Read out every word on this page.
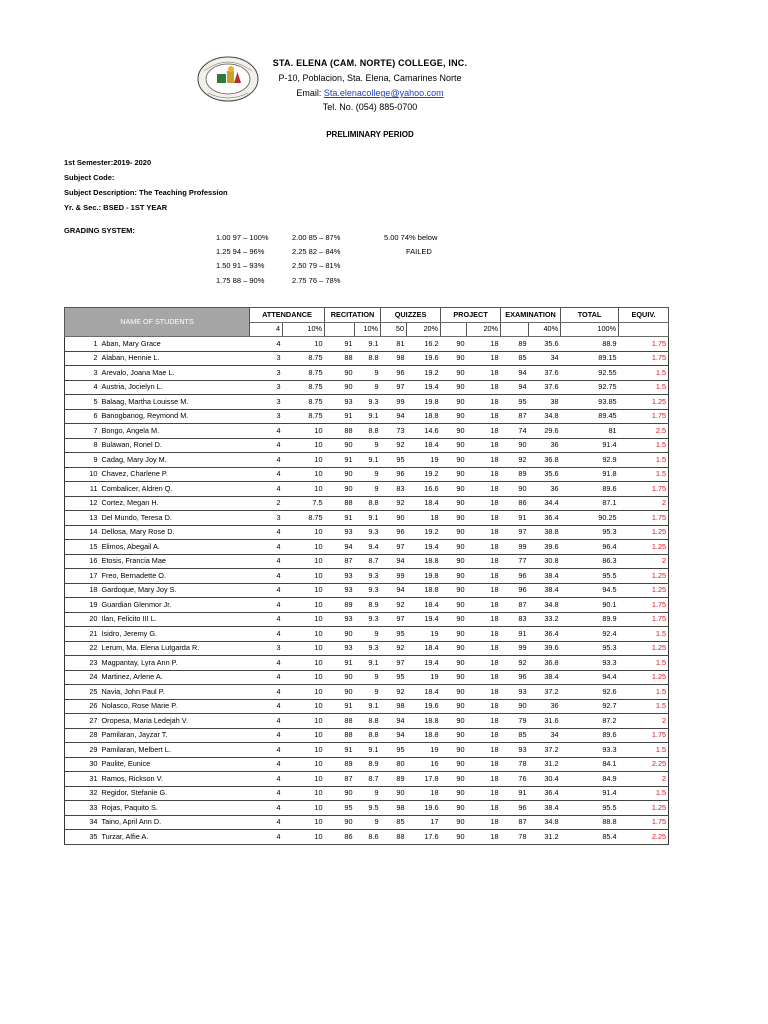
STA. ELENA (CAM. NORTE) COLLEGE, INC.
P-10, Poblacion, Sta. Elena, Camarines Norte
Email: Sta.elenacollege@yahoo.com
Tel. No. (054) 885-0700
PRELIMINARY PERIOD
1st Semester:2019- 2020
Subject Code:
Subject Description: The Teaching Profession
Yr. & Sec.: BSED - 1ST YEAR
GRADING SYSTEM:
1.00 97 – 100%
1.25 94 – 96%
1.50 91 – 93%
1.75 88 – 90%
2.00 85 – 87%
2.25 82 – 84%
2.50 79 – 81%
2.75 76 – 78%
5.00 74% below
FAILED
NAME OF STUDENTS		ATTENDANCE		RECITATION		QUIZZES		PROJECT		EXAMINATION		TOTAL	EQUIV.
		4	10%		10%	50	20%		20%		40%	100%	
1	Aban, Mary Grace	4	10	91	9.1	81	16.2	90	18	89	35.6	88.9	1.75
2	Alaban, Hennie L.	3	8.75	88	8.8	98	19.6	90	18	85	34	89.15	1.75
3	Arevalo, Joana Mae L.	3	8.75	90	9	96	19.2	90	18	94	37.6	92.55	1.5
4	Austria, Jocielyn L.	3	8.75	90	9	97	19.4	90	18	94	37.6	92.75	1.5
5	Balaag, Martha Louisse M.	3	8.75	93	9.3	99	19.8	90	18	95	38	93.85	1.25
6	Banogbanog, Reymond M.	3	8.75	91	9.1	94	18.8	90	18	87	34.8	89.45	1.75
7	Bongo, Angela M.	4	10	88	8.8	73	14.6	90	18	74	29.6	81	2.5
8	Bulawan, Ronel D.	4	10	90	9	92	18.4	90	18	90	36	91.4	1.5
9	Cadag, Mary Joy M.	4	10	91	9.1	95	19	90	18	92	36.8	92.9	1.5
10	Chavez, Charlene P.	4	10	90	9	96	19.2	90	18	89	35.6	91.8	1.5
11	Combalicer, Aldren Q.	4	10	90	9	83	16.6	90	18	90	36	89.6	1.75
12	Cortez, Megan H.	2	7.5	88	8.8	92	18.4	90	18	86	34.4	87.1	2
13	Del Mundo, Teresa D.	3	8.75	91	9.1	90	18	90	18	91	36.4	90.25	1.75
14	Dellosa, Mary Rose D.	4	10	93	9.3	96	19.2	90	18	97	38.8	95.3	1.25
15	Elimos, Abegail A.	4	10	94	9.4	97	19.4	90	18	99	39.6	96.4	1.25
16	Etosis, Francia Mae	4	10	87	8.7	94	18.8	90	18	77	30.8	86.3	2
17	Freo, Bernadette O.	4	10	93	9.3	99	19.8	90	18	96	38.4	95.5	1.25
18	Gardoque, Mary Joy S.	4	10	93	9.3	94	18.8	90	18	96	38.4	94.5	1.25
19	Guardian Glenmor Jr.	4	10	89	8.9	92	18.4	90	18	87	34.8	90.1	1.75
20	Ilan, Felicito III L.	4	10	93	9.3	97	19.4	90	18	83	33.2	89.9	1.75
21	Isidro, Jeremy G.	4	10	90	9	95	19	90	18	91	36.4	92.4	1.5
22	Lerum, Ma. Elena Lutgarda R.	3	10	93	9.3	92	18.4	90	18	99	39.6	95.3	1.25
23	Magpantay, Lyra Ann P.	4	10	91	9.1	97	19.4	90	18	92	36.8	93.3	1.5
24	Martinez, Arlene A.	4	10	90	9	95	19	90	18	96	38.4	94.4	1.25
25	Navia, John Paul P.	4	10	90	9	92	18.4	90	18	93	37.2	92.6	1.5
26	Nolasco, Rose Marie P.	4	10	91	9.1	98	19.6	90	18	90	36	92.7	1.5
27	Oropesa, Maria Ledejah V.	4	10	88	8.8	94	18.8	90	18	79	31.6	87.2	2
28	Pamilaran, Jayzar T.	4	10	88	8.8	94	18.8	90	18	85	34	89.6	1.75
29	Pamilaran, Melbert L.	4	10	91	9.1	95	19	90	18	93	37.2	93.3	1.5
30	Paulite, Eunice	4	10	89	8.9	80	16	90	18	78	31.2	84.1	2.25
31	Ramos, Rickson V.	4	10	87	8.7	89	17.8	90	18	76	30.4	84.9	2
32	Regidor, Stefanie G.	4	10	90	9	90	18	90	18	91	36.4	91.4	1.5
33	Rojas, Paquito S.	4	10	95	9.5	98	19.6	90	18	96	38.4	95.5	1.25
34	Taino, April Ann D.	4	10	90	9	85	17	90	18	87	34.8	88.8	1.75
35	Turzar, Alfie A.	4	10	86	8.6	88	17.6	90	18	78	31.2	85.4	2.25
